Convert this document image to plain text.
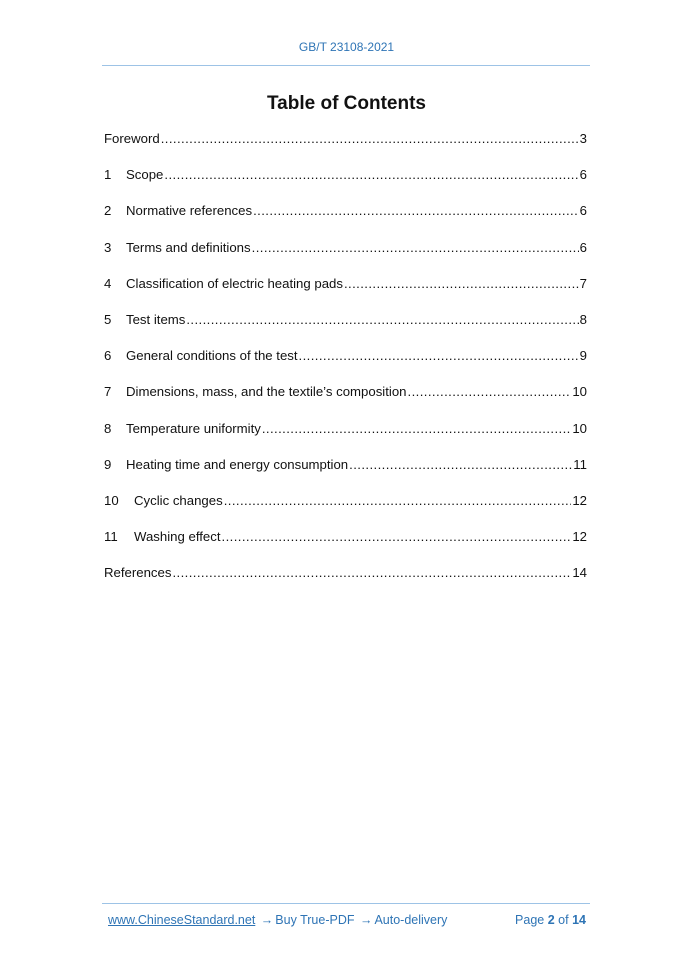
GB/T 23108-2021
Table of Contents
Foreword .....	3
1	Scope .....	6
2	Normative references .....	6
3	Terms and definitions .....	6
4	Classification of electric heating pads .....	7
5	Test items .....	8
6	General conditions of the test .....	9
7	Dimensions, mass, and the textile’s composition .....	10
8	Temperature uniformity .....	10
9	Heating time and energy consumption .....	11
10	Cyclic changes .....	12
11	Washing effect .....	12
References .....	14
www.ChineseStandard.net → Buy True-PDF → Auto-delivery	Page 2 of 14
